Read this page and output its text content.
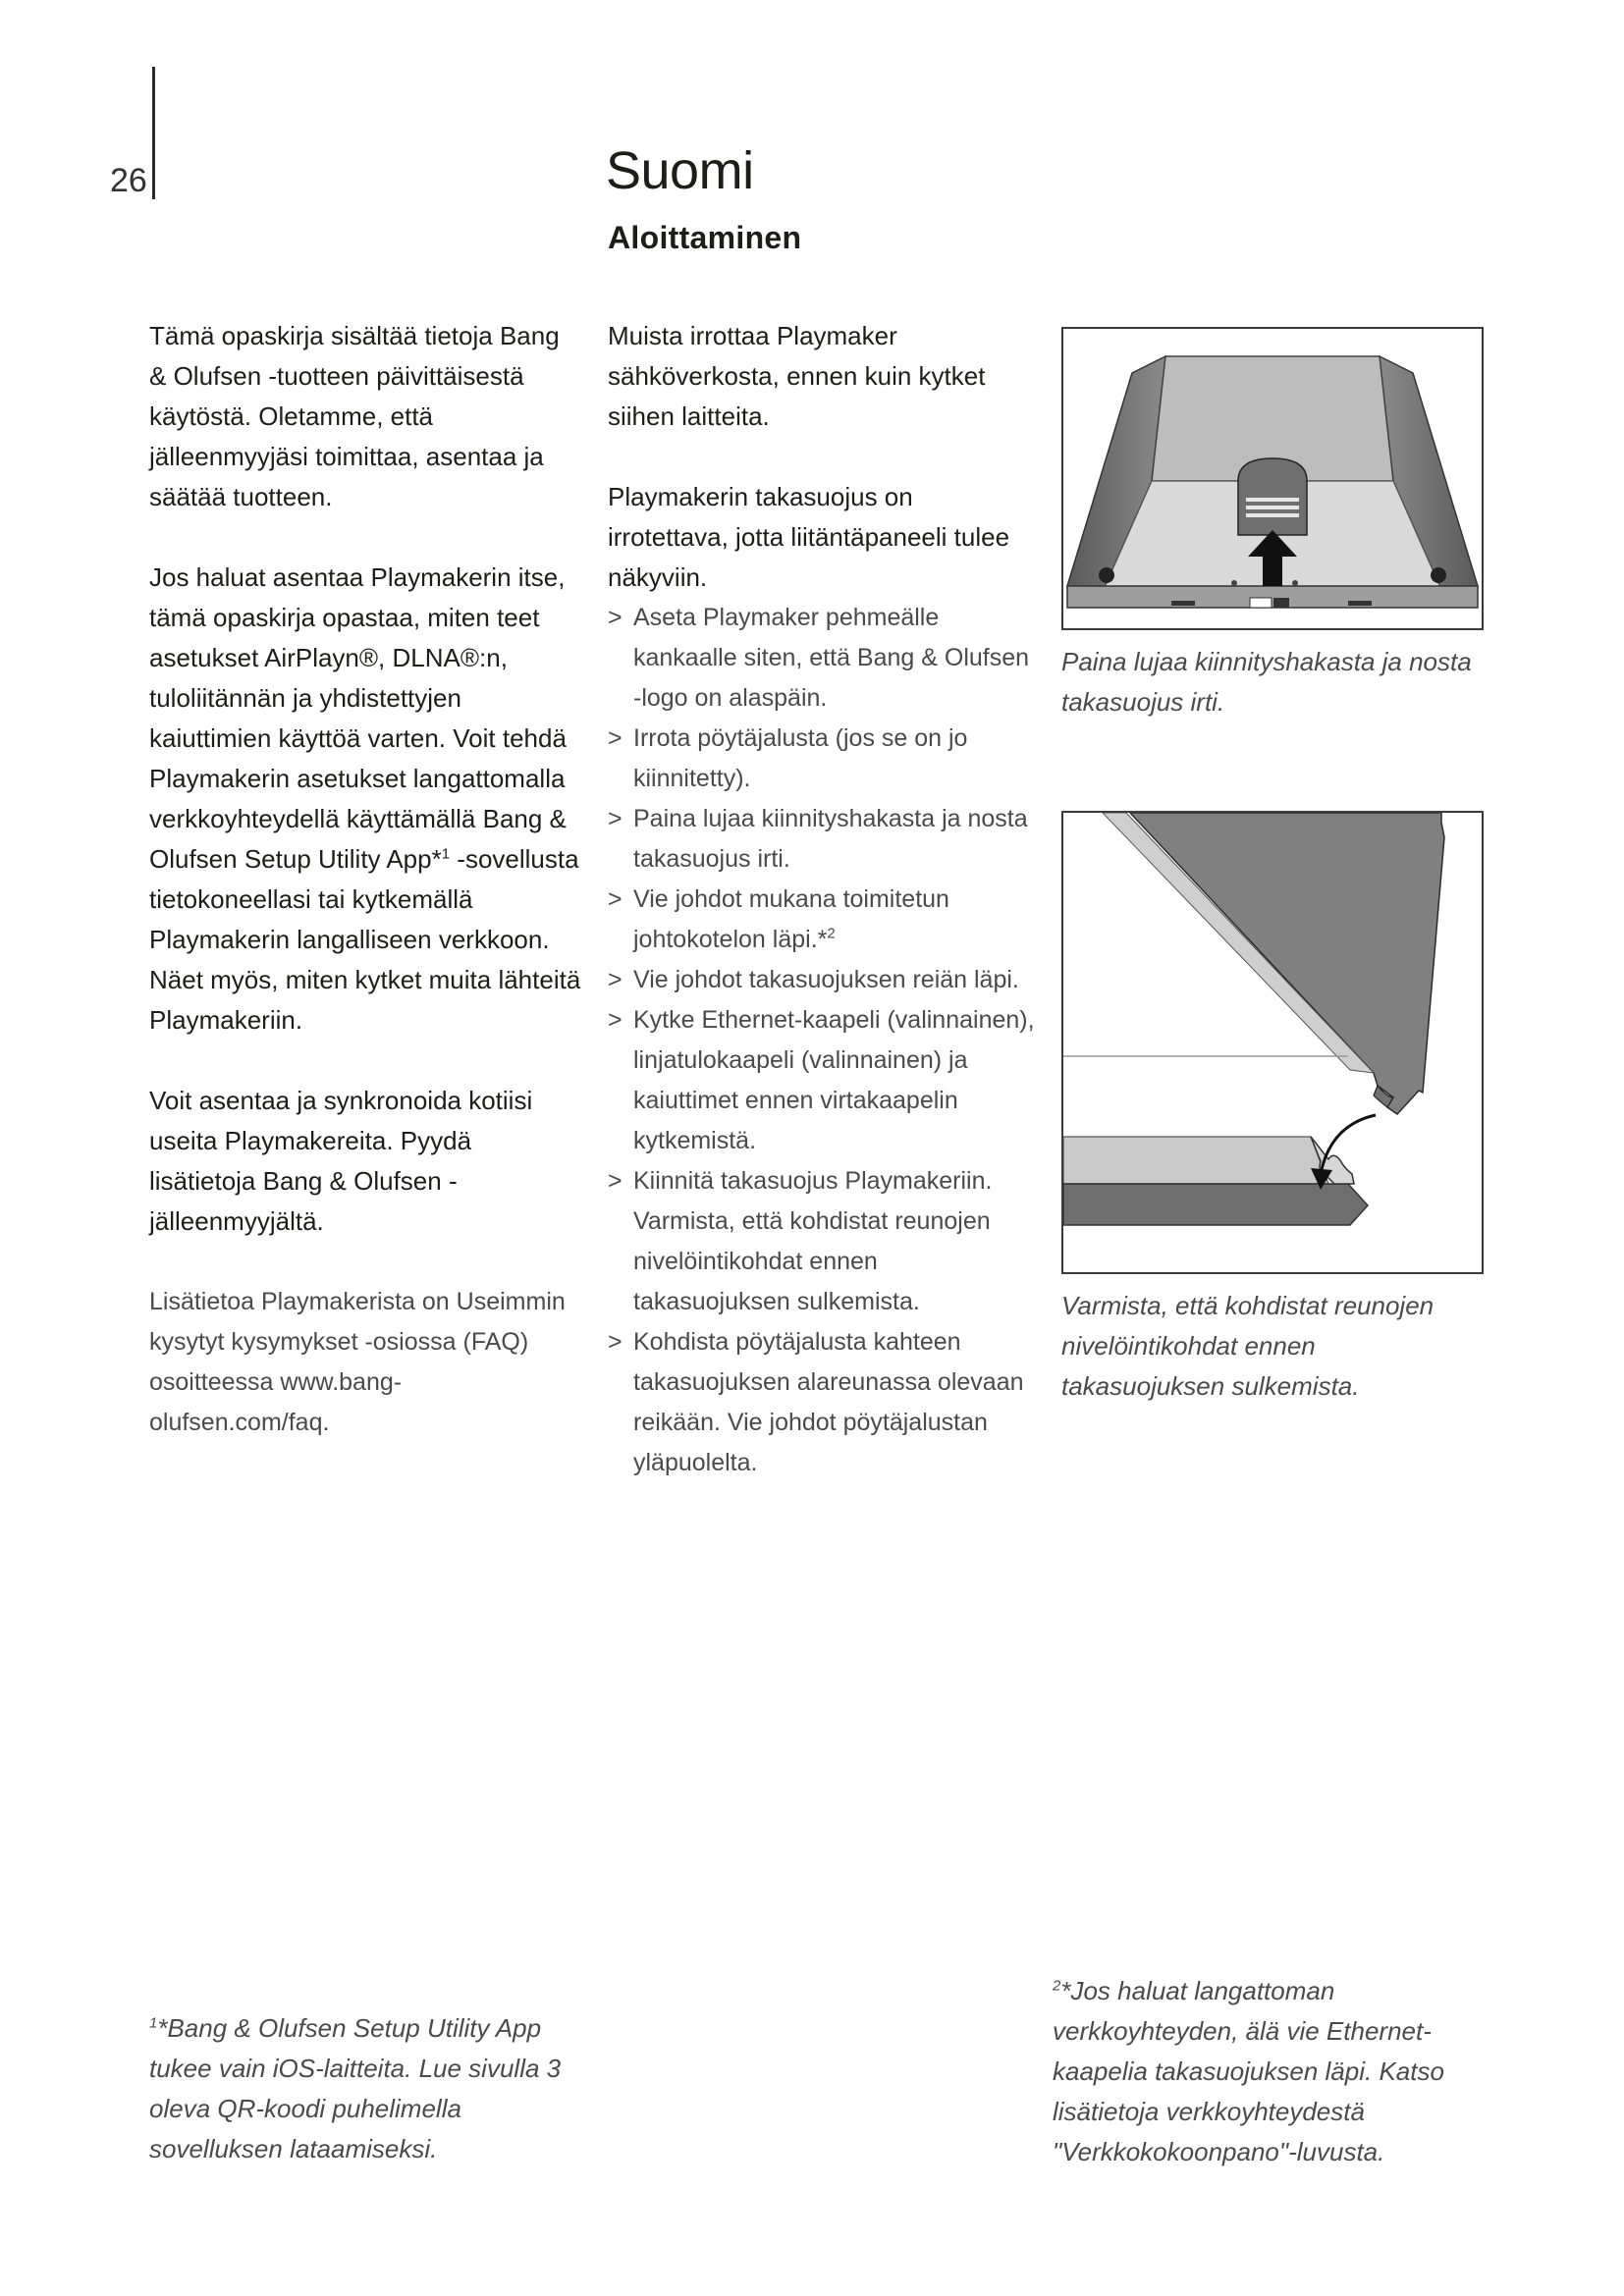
26	Suomi
Aloittaminen

Tämä opaskirja sisältää tietoja Bang & Olufsen -tuotteen päivittäisestä käytöstä. Oletamme, että jälleenmyyjäsi toimittaa, asentaa ja säätää tuotteen.

Jos haluat asentaa Playmakerin itse, tämä opaskirja opastaa, miten teet asetukset AirPlayn®, DLNA®:n, tuloliitännän ja yhdistettyjen kaiuttimien käyttöä varten. Voit tehdä Playmakerin asetukset langattomalla verkkoyhteydellä käyttämällä Bang & Olufsen Setup Utility App*$^1$ -sovellusta tietokoneellasi tai kytkemällä Playmakerin langalliseen verkkoon. Näet myös, miten kytket muita lähteitä Playmakeriin.

Voit asentaa ja synkronoida kotiisi useita Playmakereita. Pyydä lisätietoja Bang & Olufsen -jälleenmyyjältä.

Lisätietoa Playmakerista on Useimmin kysytyt kysymykset -osiossa (FAQ) osoitteessa www.bang-olufsen.com/faq.

Muista irrottaa Playmaker sähköverkosta, ennen kuin kytket siihen laitteita.

Playmakerin takasuojus on irrotettava, jotta liitäntäpaneeli tulee näkyviin.

> Aseta Playmaker pehmeälle kankaalle siten, että Bang & Olufsen -logo on alaspäin.
> Irrota pöytäjalusta (jos se on jo kiinnitetty).
> Paina lujaa kiinnityshakasta ja nosta takasuojus irti.
> Vie johdot mukana toimitetun johtokotelon läpi.*$^2$
> Vie johdot takasuojuksen reiän läpi.
> Kytke Ethernet-kaapeli (valinnainen), linjatulokaapeli (valinnainen) ja kaiuttimet ennen virtakaapelin kytkemistä.
> Kiinnitä takasuojus Playmakeriin. Varmista, että kohdistat reunojen nivelöintikohdat ennen takasuojuksen sulkemista.
> Kohdista pöytäjalusta kahteen takasuojuksen alareunassa olevaan reikään. Vie johdot pöytäjalustan yläpuolelta.
Paina lujaa kiinnityshakasta ja nosta takasuojus irti.
Varmista, että kohdistat reunojen nivelöintikohdat ennen takasuojuksen sulkemista.
$^1$*Bang & Olufsen Setup Utility App tukee vain iOS-laitteita. Lue sivulla 3 oleva QR-koodi puhelimella sovelluksen lataamiseksi.
$^2$*Jos haluat langattoman verkkoyhteyden, älä vie Ethernet-kaapelia takasuojuksen läpi. Katso lisätietoja verkkoyhteydestä "Verkkokokoonpano"-luvusta.
